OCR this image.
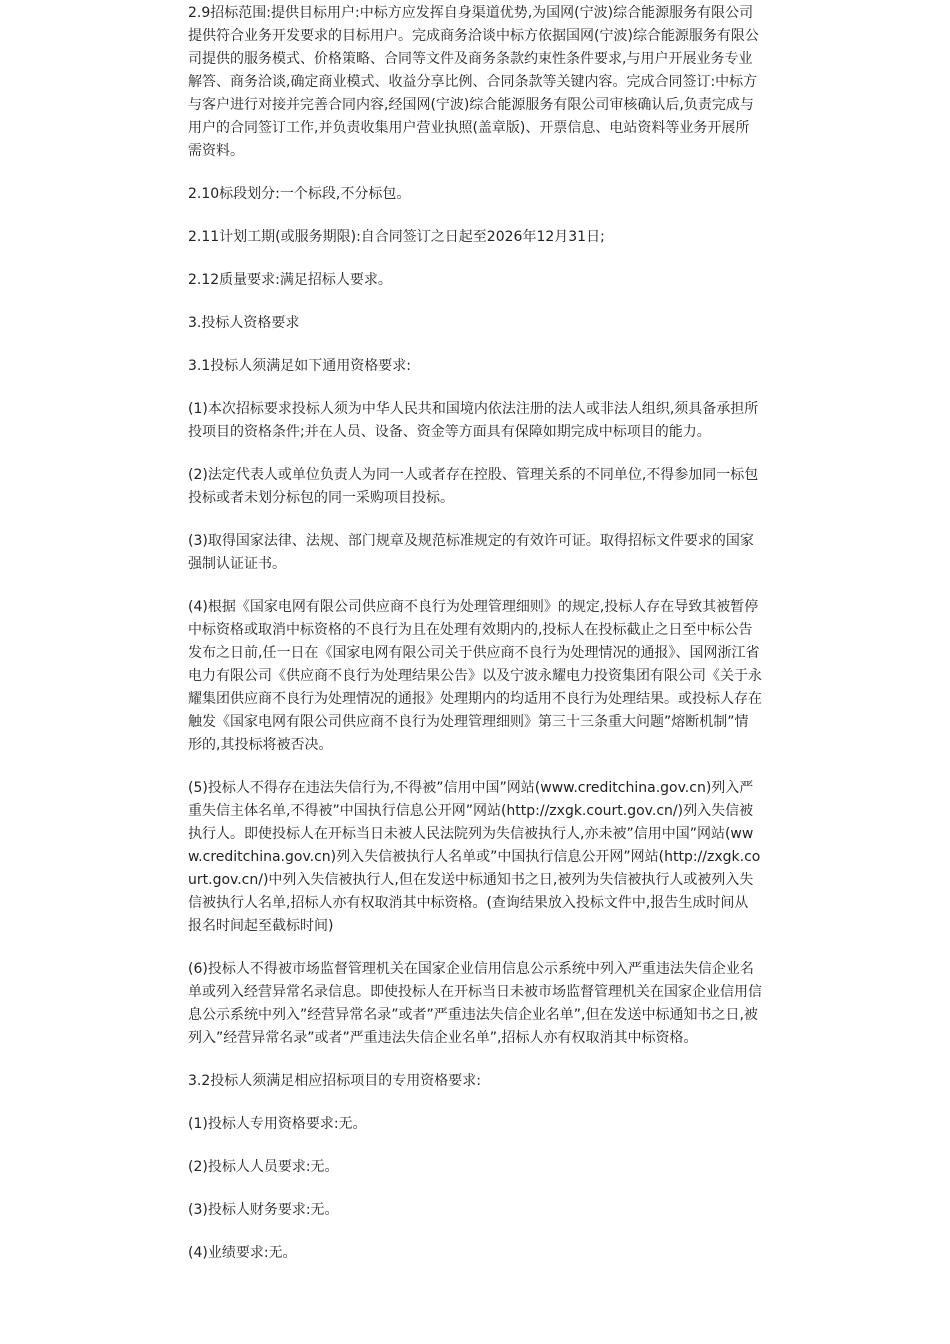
2.9招标范围:提供目标用户:中标方应发挥自身渠道优势,为国网(宁波)综合能源服务有限公司提供符合业务开发要求的目标用户。完成商务洽谈中标方依据国网(宁波)综合能源服务有限公司提供的服务模式、价格策略、合同等文件及商务条款约束性条件要求,与用户开展业务专业解答、商务洽谈,确定商业模式、收益分享比例、合同条款等关键内容。完成合同签订:中标方与客户进行对接并完善合同内容,经国网(宁波)综合能源服务有限公司审核确认后,负责完成与用户的合同签订工作,并负责收集用户营业执照(盖章版)、开票信息、电站资料等业务开展所需资料。

2.10标段划分:一个标段,不分标包。

2.11计划工期(或服务期限):自合同签订之日起至2026年12月31日;

2.12质量要求:满足招标人要求。

3.投标人资格要求

3.1投标人须满足如下通用资格要求:

(1)本次招标要求投标人须为中华人民共和国境内依法注册的法人或非法人组织,须具备承担所投项目的资格条件;并在人员、设备、资金等方面具有保障如期完成中标项目的能力。

(2)法定代表人或单位负责人为同一人或者存在控股、管理关系的不同单位,不得参加同一标包投标或者未划分标包的同一采购项目投标。

(3)取得国家法律、法规、部门规章及规范标准规定的有效许可证。取得招标文件要求的国家强制认证证书。

(4)根据《国家电网有限公司供应商不良行为处理管理细则》的规定,投标人存在导致其被暂停中标资格或取消中标资格的不良行为且在处理有效期内的,投标人在投标截止之日至中标公告发布之日前,任一日在《国家电网有限公司关于供应商不良行为处理情况的通报》、国网浙江省电力有限公司《供应商不良行为处理结果公告》以及宁波永耀电力投资集团有限公司《关于永耀集团供应商不良行为处理情况的通报》处理期内的均适用不良行为处理结果。或投标人存在触发《国家电网有限公司供应商不良行为处理管理细则》第三十三条重大问题”熔断机制”情形的,其投标将被否决。

(5)投标人不得存在违法失信行为,不得被”信用中国”网站(www.creditchina.gov.cn)列入严重失信主体名单,不得被”中国执行信息公开网”网站(http://zxgk.court.gov.cn/)列入失信被执行人。即使投标人在开标当日未被人民法院列为失信被执行人,亦未被”信用中国”网站(www.creditchina.gov.cn)列入失信被执行人名单或”中国执行信息公开网”网站(http://zxgk.court.gov.cn/)中列入失信被执行人,但在发送中标通知书之日,被列为失信被执行人或被列入失信被执行人名单,招标人亦有权取消其中标资格。(查询结果放入投标文件中,报告生成时间从报名时间起至截标时间)

(6)投标人不得被市场监督管理机关在国家企业信用信息公示系统中列入严重违法失信企业名单或列入经营异常名录信息。即使投标人在开标当日未被市场监督管理机关在国家企业信用信息公示系统中列入”经营异常名录”或者”严重违法失信企业名单”,但在发送中标通知书之日,被列入”经营异常名录”或者”严重违法失信企业名单”,招标人亦有权取消其中标资格。

3.2投标人须满足相应招标项目的专用资格要求:

(1)投标人专用资格要求:无。

(2)投标人人员要求:无。

(3)投标人财务要求:无。

(4)业绩要求:无。
